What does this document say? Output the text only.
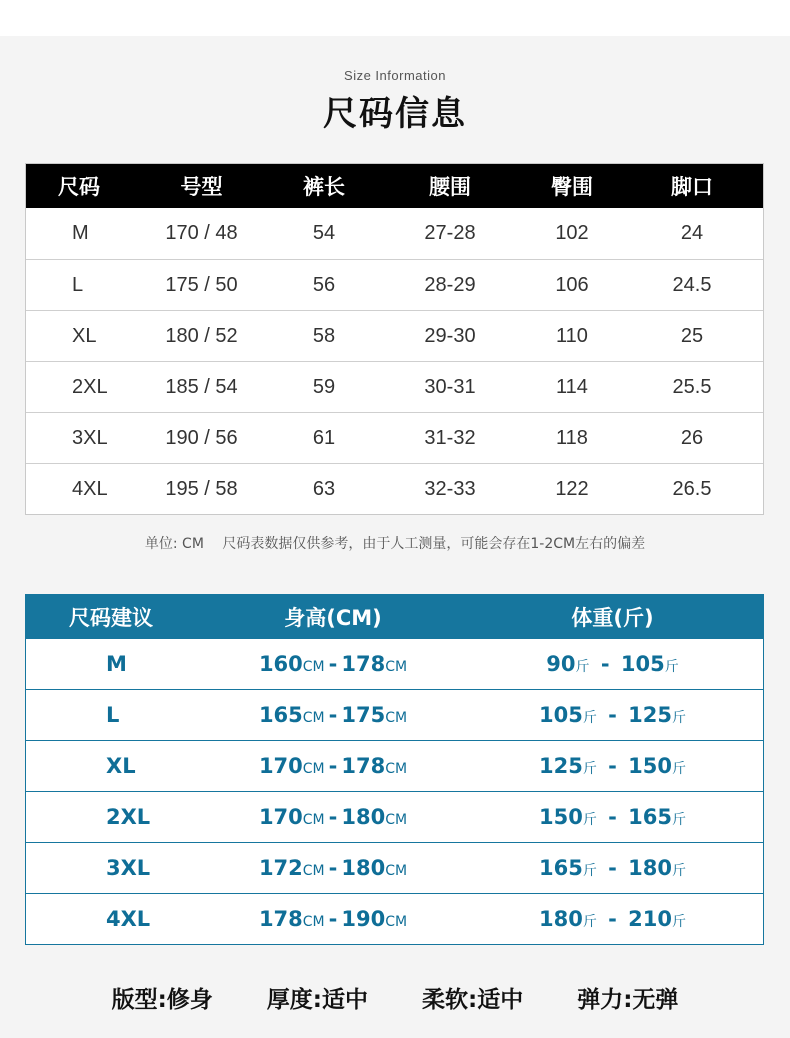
Size Information
尺码信息
尺码	号型	裤长	腰围	臀围	脚口
M	170 / 48	54	27-28	102	24
L	175 / 50	56	28-29	106	24.5
XL	180 / 52	58	29-30	110	25
2XL	185 / 54	59	30-31	114	25.5
3XL	190 / 56	61	31-32	118	26
4XL	195 / 58	63	32-33	122	26.5
单位: CM　 尺码表数据仅供参考，由于人工测量，可能会存在1-2CM左右的偏差
尺码建议	身高(CM)	体重(斤)
M	160CM - 178CM	90斤 - 105斤
L	165CM - 175CM	105斤 - 125斤
XL	170CM - 178CM	125斤 - 150斤
2XL	170CM - 180CM	150斤 - 165斤
3XL	172CM - 180CM	165斤 - 180斤
4XL	178CM - 190CM	180斤 - 210斤
版型:修身 厚度:适中 柔软:适中 弹力:无弹
